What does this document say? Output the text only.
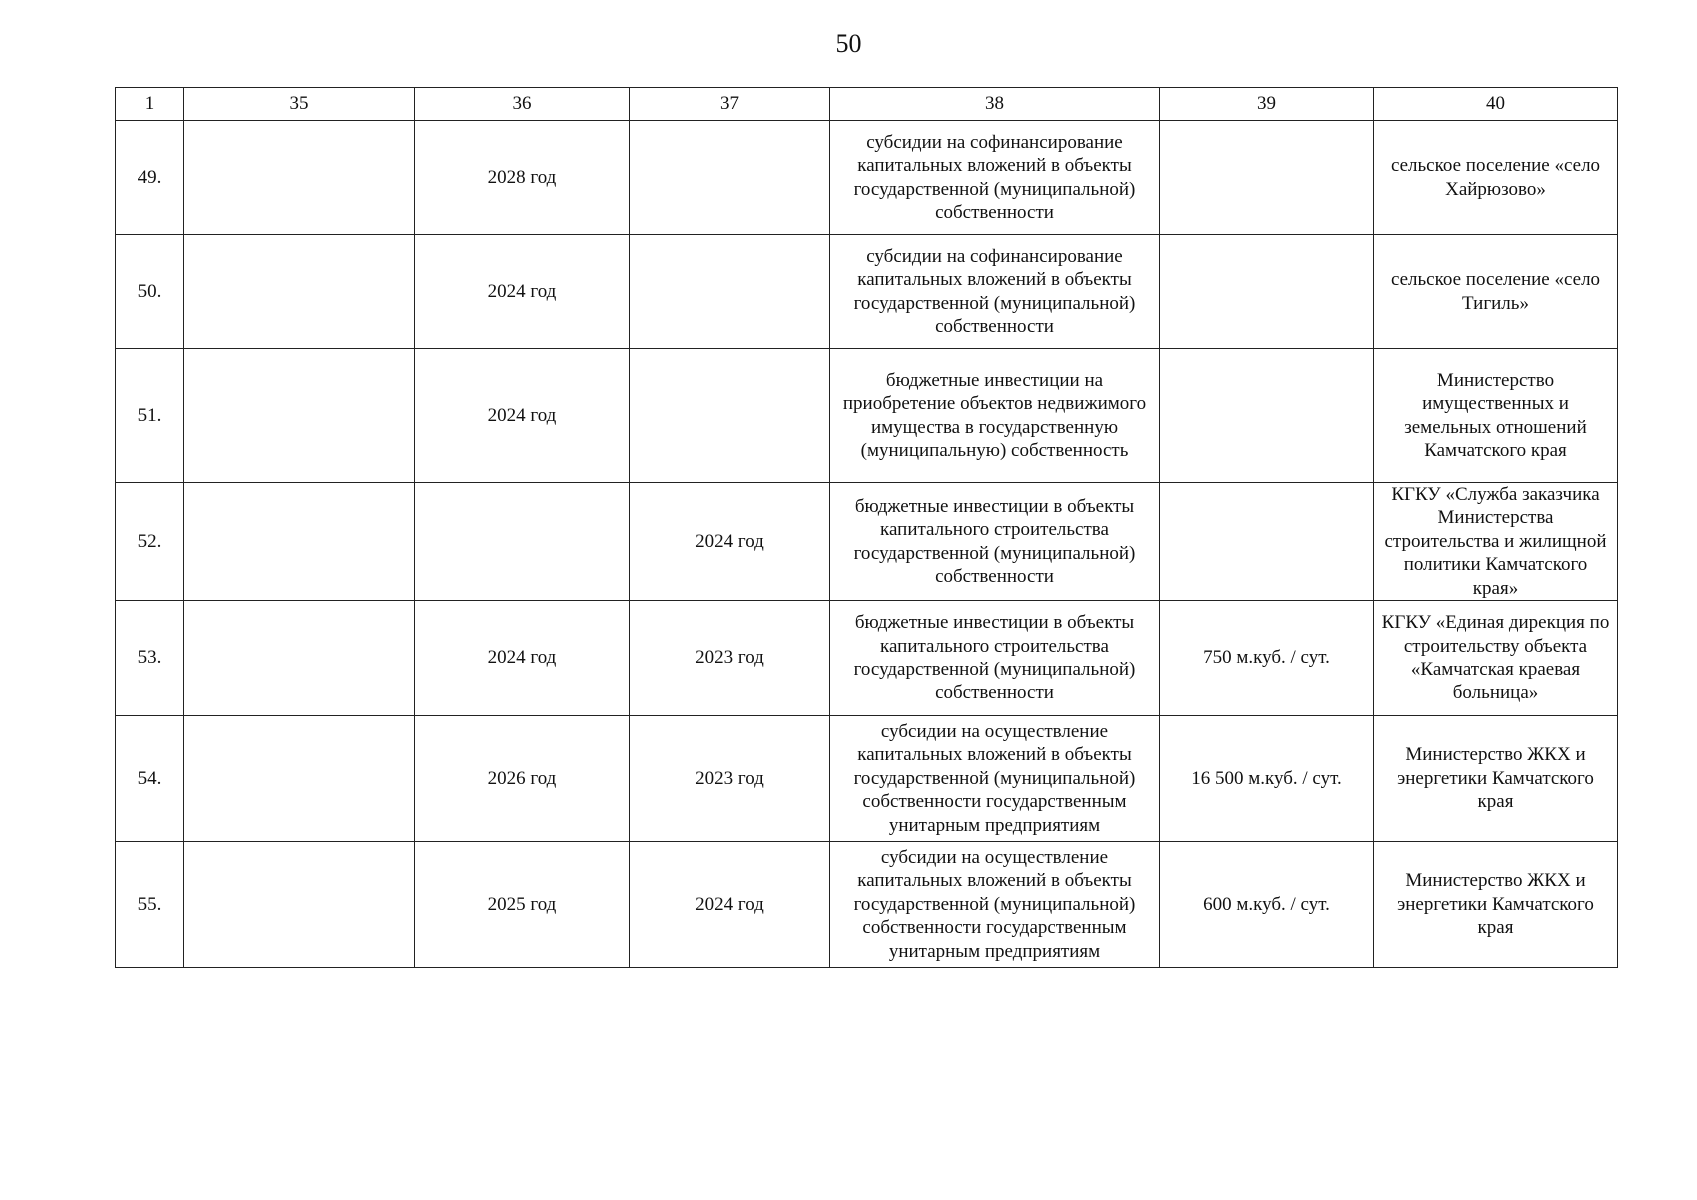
50
1	35	36	37	38	39	40
49.		2028 год		субсидии на софинансирование капитальных вложений в объекты государственной (муниципальной) собственности		сельское поселение «село Хайрюзово»
50.		2024 год		субсидии на софинансирование капитальных вложений в объекты государственной (муниципальной) собственности		сельское поселение «село Тигиль»
51.		2024 год		бюджетные инвестиции на приобретение объектов недвижимого имущества в государственную (муниципальную) собственность		Министерство имущественных и земельных отношений Камчатского края
52.			2024 год	бюджетные инвестиции в объекты капитального строительства государственной (муниципальной) собственности		КГКУ «Служба заказчика Министерства строительства и жилищной политики Камчатского края»
53.		2024 год	2023 год	бюджетные инвестиции в объекты капитального строительства государственной (муниципальной) собственности	750 м.куб. / сут.	КГКУ «Единая дирекция по строительству объекта «Камчатская краевая больница»
54.		2026 год	2023 год	субсидии на осуществление капитальных вложений в объекты государственной (муниципальной) собственности государственным унитарным предприятиям	16 500 м.куб. / сут.	Министерство ЖКХ и энергетики Камчатского края
55.		2025 год	2024 год	субсидии на осуществление капитальных вложений в объекты государственной (муниципальной) собственности государственным унитарным предприятиям	600 м.куб. / сут.	Министерство ЖКХ и энергетики Камчатского края
